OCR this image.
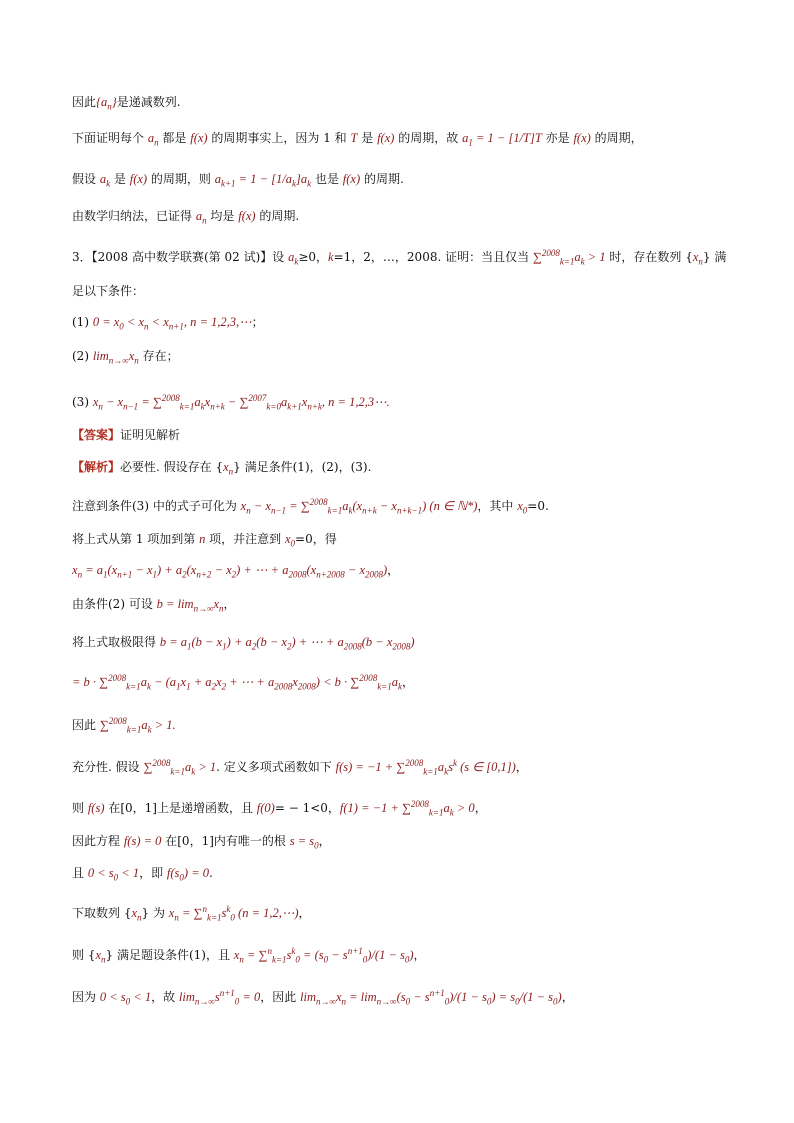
因此$\{a_n\}$是递减数列.
下面证明每个 $a_n$ 都是 f(x) 的周期事实上，因为 1 和 T 是 f(x) 的周期，故 $a_1 = 1 - [1/T]T$ 亦是 f(x) 的周期，
假设 $a_k$ 是 f(x) 的周期，则 $a_{k+1} = 1 - [1/a_k]a_k$ 也是 f(x) 的周期.
由数学归纳法，已证得 $a_n$ 均是 f(x) 的周期.
3．【2008 高中数学联赛(第 02 试)】设 $a_k\ge 0$，k=1，2，…，2008. 证明：当且仅当 $\sum^{2008}_{k=1}a_k > 1$ 时，存在数列 $\{x_n\}$ 满
足以下条件：
(1) $0 = x_0 < x_n < x_{n+1}$, n = 1,2,3,⋯；
(2) $\lim_{n\to\infty}x_n$ 存在；
(3) $x_n - x_{n-1} = \sum^{2008}_{k=1}a_kx_{n+k} - \sum^{2007}_{k=0}a_{k+1}x_{n+k}$, n = 1,2,3⋯.
【答案】证明见解析
【解析】必要性. 假设存在 $\{x_n\}$ 满足条件(1)，(2)，(3).
注意到条件(3) 中的式子可化为 $x_n - x_{n-1} = \sum^{2008}_{k=1}a_k(x_{n+k} - x_{n+k-1})$ (n ∈ ℕ*)，其中 $x_0=0$.
将上式从第 1 项加到第 n 项，并注意到 $x_0=0$，得
$x_n = a_1(x_{n+1} - x_1) + a_2(x_{n+2} - x_2)$ + ⋯ + $a_{2008}(x_{n+2008} - x_{2008})$，
由条件(2) 可设 $b = \lim_{n\to\infty}x_n$，
将上式取极限得 $b = a_1(b - x_1) + a_2(b - x_2)$ + ⋯ + $a_{2008}(b - x_{2008})$
= $b \cdot \sum^{2008}_{k=1}a_k - (a_1x_1 + a_2x_2$ + ⋯ + $a_{2008}x_{2008}) < b \cdot \sum^{2008}_{k=1}a_k$，
因此 $\sum^{2008}_{k=1}a_k > 1$.
充分性. 假设 $\sum^{2008}_{k=1}a_k > 1$. 定义多项式函数如下 $f(s) = -1 + \sum^{2008}_{k=1}a_ks^k$ (s ∈ [0,1])，
则 f(s) 在[0，1]上是递增函数，且 f(0)= − 1<0，$f(1) = -1 + \sum^{2008}_{k=1}a_k > 0$，
因此方程 f(s) = 0 在[0，1]内有唯一的根 $s = s_0$，
且 $0 < s_0 < 1$，即 $f(s_0) = 0$.
下取数列 $\{x_n\}$ 为 $x_n = \sum^n_{k=1}s^k_0$ (n = 1,2,⋯)，
则 $\{x_n\}$ 满足题设条件(1)，且 $x_n = \sum^n_{k=1}s^k_0 = (s_0 - s^{n+1}_0)/(1 - s_0)$，
因为 $0 < s_0 < 1$，故 $\lim_{n\to\infty}s^{n+1}_0 = 0$，因此 $\lim_{n\to\infty}x_n = \lim_{n\to\infty}(s_0 - s^{n+1}_0)/(1 - s_0) = s_0/(1 - s_0)$，
